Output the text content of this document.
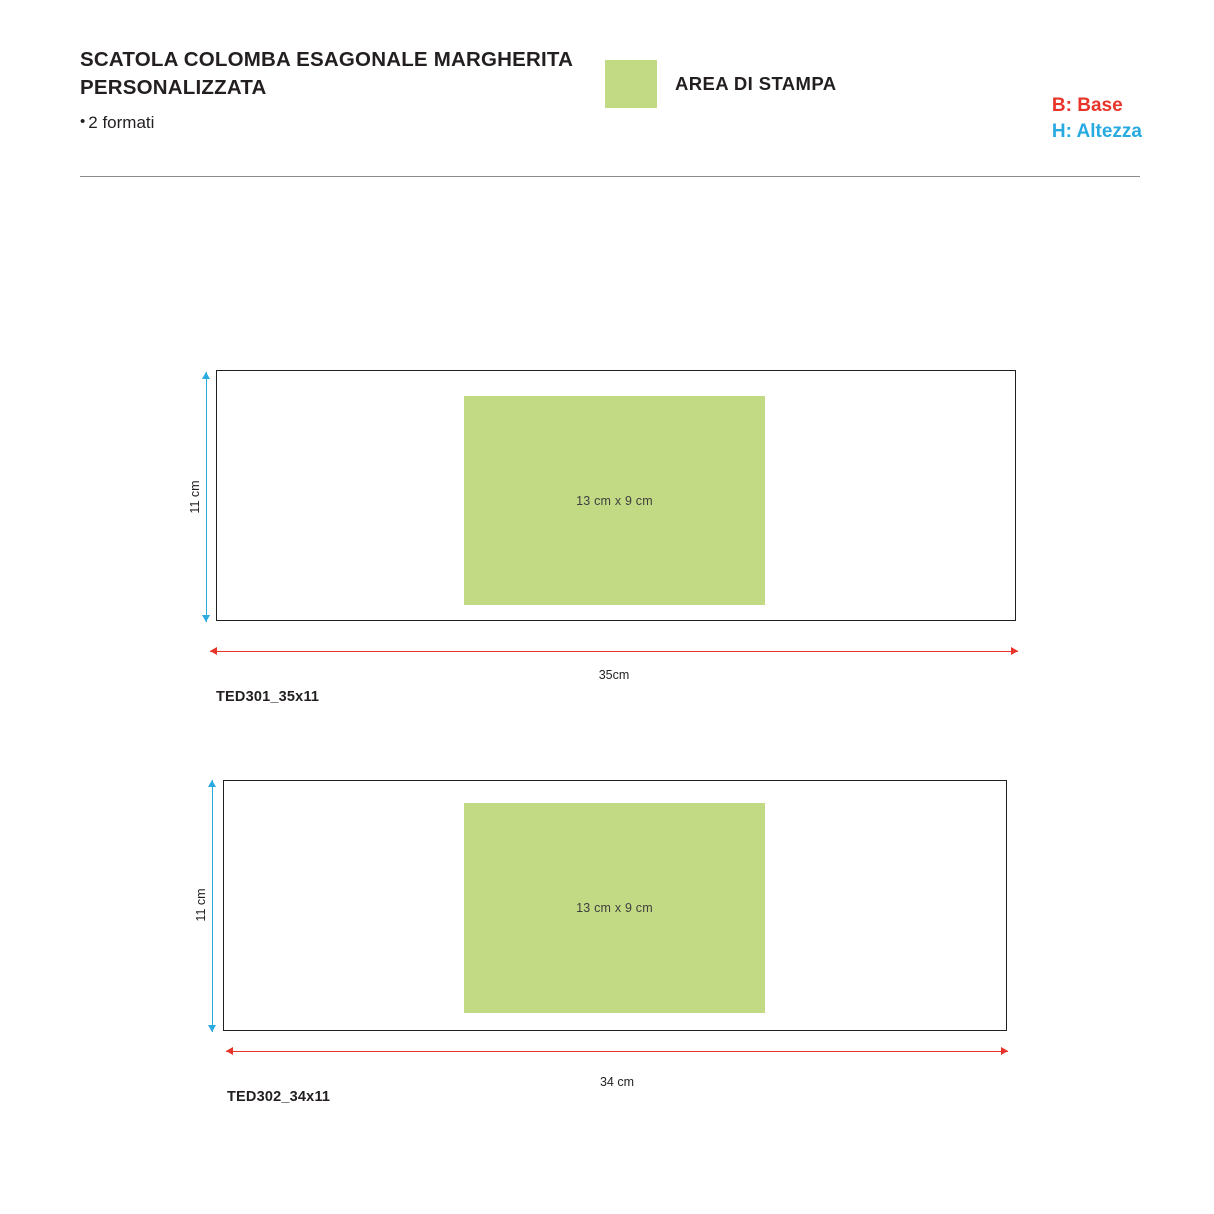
SCATOLA COLOMBA ESAGONALE MARGHERITA PERSONALIZZATA

• 2 formati

AREA DI STAMPA
B: Base
H: Altezza
13 cm x 9 cm
11 cm
35cm
TED301_35x11
13 cm x 9 cm
11 cm
34 cm
TED302_34x11
